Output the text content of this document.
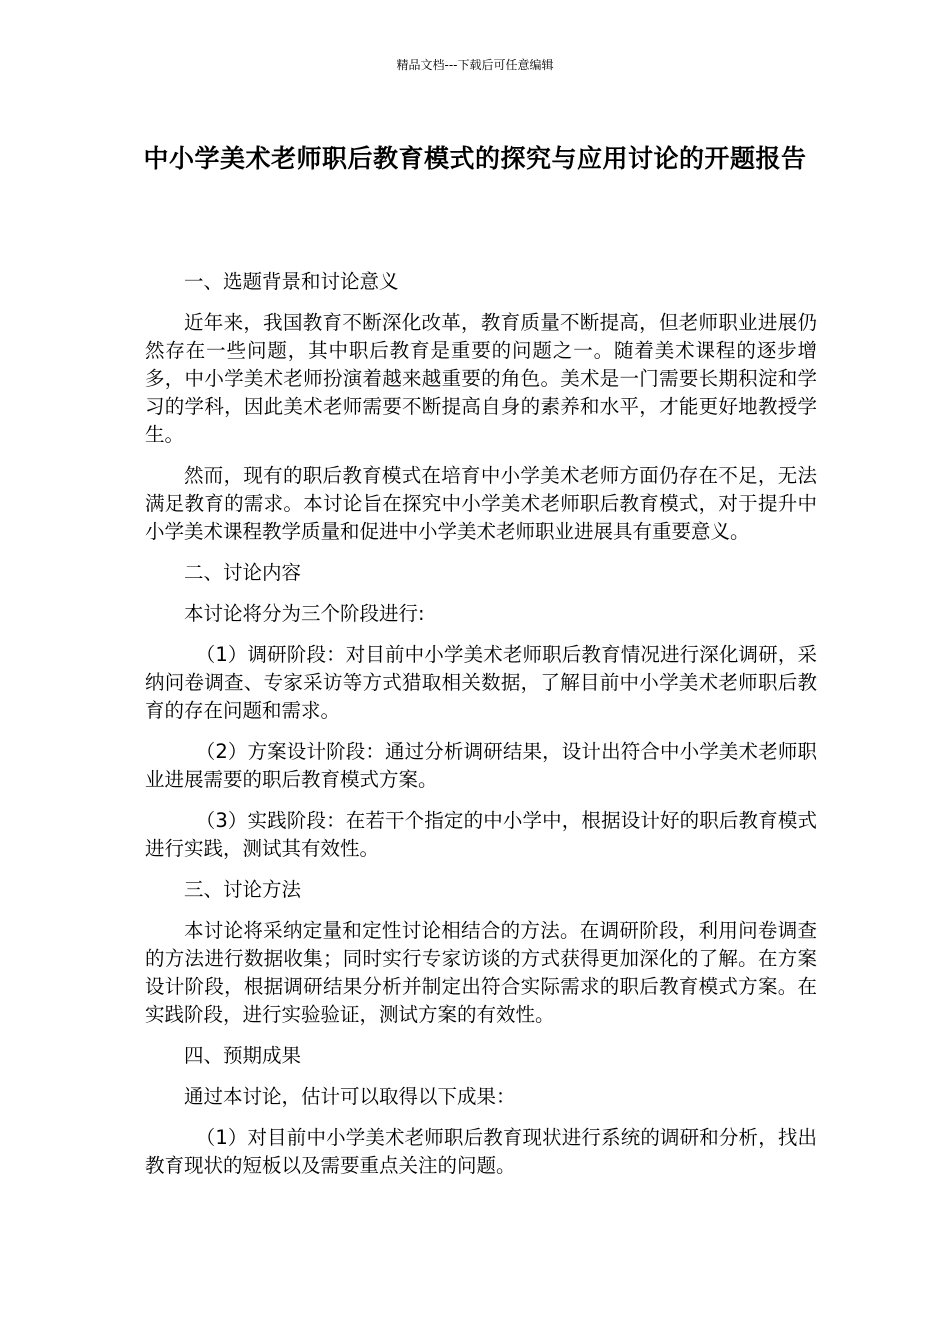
精品文档---下载后可任意编辑
中小学美术老师职后教育模式的探究与应用讨论的开题报告

一、选题背景和讨论意义

近年来，我国教育不断深化改革，教育质量不断提高，但老师职业进展仍然存在一些问题，其中职后教育是重要的问题之一。随着美术课程的逐步增多，中小学美术老师扮演着越来越重要的角色。美术是一门需要长期积淀和学习的学科，因此美术老师需要不断提高自身的素养和水平，才能更好地教授学生。

然而，现有的职后教育模式在培育中小学美术老师方面仍存在不足，无法满足教育的需求。本讨论旨在探究中小学美术老师职后教育模式，对于提升中小学美术课程教学质量和促进中小学美术老师职业进展具有重要意义。

二、讨论内容

本讨论将分为三个阶段进行:

（1）调研阶段：对目前中小学美术老师职后教育情况进行深化调研，采纳问卷调查、专家采访等方式猎取相关数据，了解目前中小学美术老师职后教育的存在问题和需求。

（2）方案设计阶段：通过分析调研结果，设计出符合中小学美术老师职业进展需要的职后教育模式方案。

（3）实践阶段：在若干个指定的中小学中，根据设计好的职后教育模式进行实践，测试其有效性。

三、讨论方法

本讨论将采纳定量和定性讨论相结合的方法。在调研阶段，利用问卷调查的方法进行数据收集；同时实行专家访谈的方式获得更加深化的了解。在方案设计阶段，根据调研结果分析并制定出符合实际需求的职后教育模式方案。在实践阶段，进行实验验证，测试方案的有效性。

四、预期成果

通过本讨论，估计可以取得以下成果：

（1）对目前中小学美术老师职后教育现状进行系统的调研和分析，找出教育现状的短板以及需要重点关注的问题。
